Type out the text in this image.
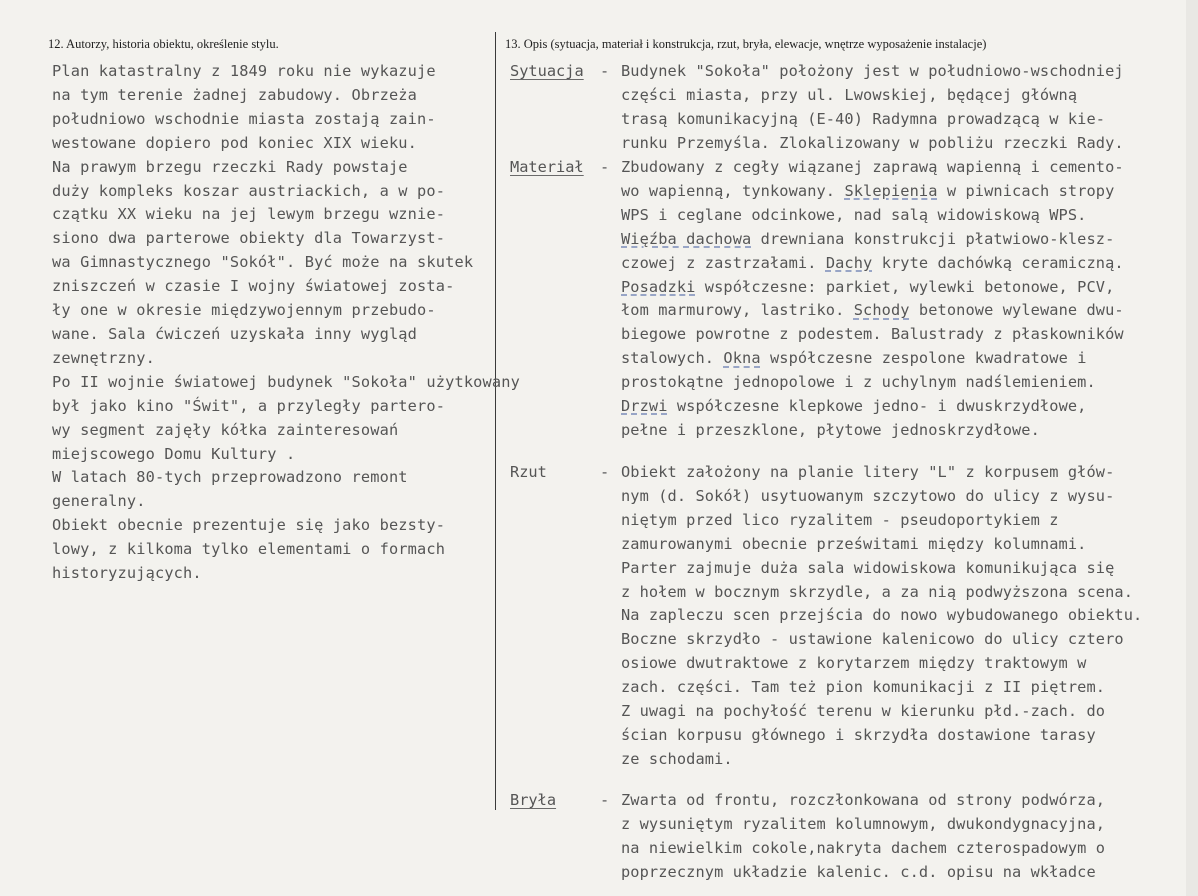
12. Autorzy, historia obiektu, określenie stylu.	13. Opis (sytuacja, materiał i konstrukcja, rzut, bryła, elewacje, wnętrze wyposażenie instalacje)
Plan katastralny z 1849 roku nie wykazuje
na tym terenie żadnej zabudowy. Obrzeża
południowo wschodnie miasta zostają zain-
westowane dopiero pod koniec XIX wieku.
Na prawym brzegu rzeczki Rady powstaje
duży kompleks koszar austriackich, a w po-
czątku XX wieku na jej lewym brzegu wznie-
siono dwa parterowe obiekty dla Towarzyst-
wa Gimnastycznego "Sokół". Być może na skutek
zniszczeń w czasie I wojny światowej zosta-
ły one w okresie międzywojennym przebudo-
wane. Sala ćwiczeń uzyskała inny wygląd
zewnętrzny.
Po II wojnie światowej budynek "Sokoła" użytkowany
był jako kino "Świt", a przyległy partero-
wy segment zajęły kółka zainteresowań
miejscowego Domu Kultury .
W latach 80-tych przeprowadzono remont
generalny.
Obiekt obecnie prezentuje się jako bezsty-
lowy, z kilkoma tylko elementami o formach
historyzujących.
Sytuacja - Budynek "Sokoła" położony jest w południowo-wschodniej
części miasta, przy ul. Lwowskiej, będącej główną
trasą komunikacyjną (E-40) Radymna prowadzącą w kie-
runku Przemyśla. Zlokalizowany w pobliżu rzeczki Rady.
Materiał - Zbudowany z cegły wiązanej zaprawą wapienną i cemento-
wo wapienną, tynkowany. Sklepienia w piwnicach stropy
WPS i ceglane odcinkowe, nad salą widowiskową WPS.
Więźba dachowa drewniana konstrukcji płatwiowo-klesz-
czowej z zastrzałami. Dachy kryte dachówką ceramiczną.
Posadzki współczesne: parkiet, wylewki betonowe, PCV,
łom marmurowy, lastriko. Schody betonowe wylewane dwu-
biegowe powrotne z podestem. Balustrady z płaskowników
stalowych. Okna współczesne zespolone kwadratowe i
prostokątne jednopolowe i z uchylnym nadślemieniem.
Drzwi współczesne klepkowe jedno- i dwuskrzydłowe,
pełne i przeszklone, płytowe jednoskrzydłowe.
Rzut	- Obiekt założony na planie litery "L" z korpusem głów-
nym (d. Sokół) usytuowanym szczytowo do ulicy z wysu-
niętym przed lico ryzalitem - pseudoportykiem z
zamurowanymi obecnie prześwitami między kolumnami.
Parter zajmuje duża sala widowiskowa komunikująca się
z hołem w bocznym skrzydle, a za nią podwyższona scena.
Na zapleczu scen przejścia do nowo wybudowanego obiektu.
Boczne skrzydło - ustawione kalenicowo do ulicy cztero
osiowe dwutraktowe z korytarzem między traktowym w
zach. części. Tam też pion komunikacji z II piętrem.
Z uwagi na pochyłość terenu w kierunku płd.-zach. do
ścian korpusu głównego i skrzydła dostawione tarasy
ze schodami.
Bryła	- Zwarta od frontu, rozczłonkowana od strony podwórza,
z wysuniętym ryzalitem kolumnowym, dwukondygnacyjna,
na niewielkim cokole,nakryta dachem czterospadowym o
poprzecznym układzie kalenic. c.d. opisu na wkładce
